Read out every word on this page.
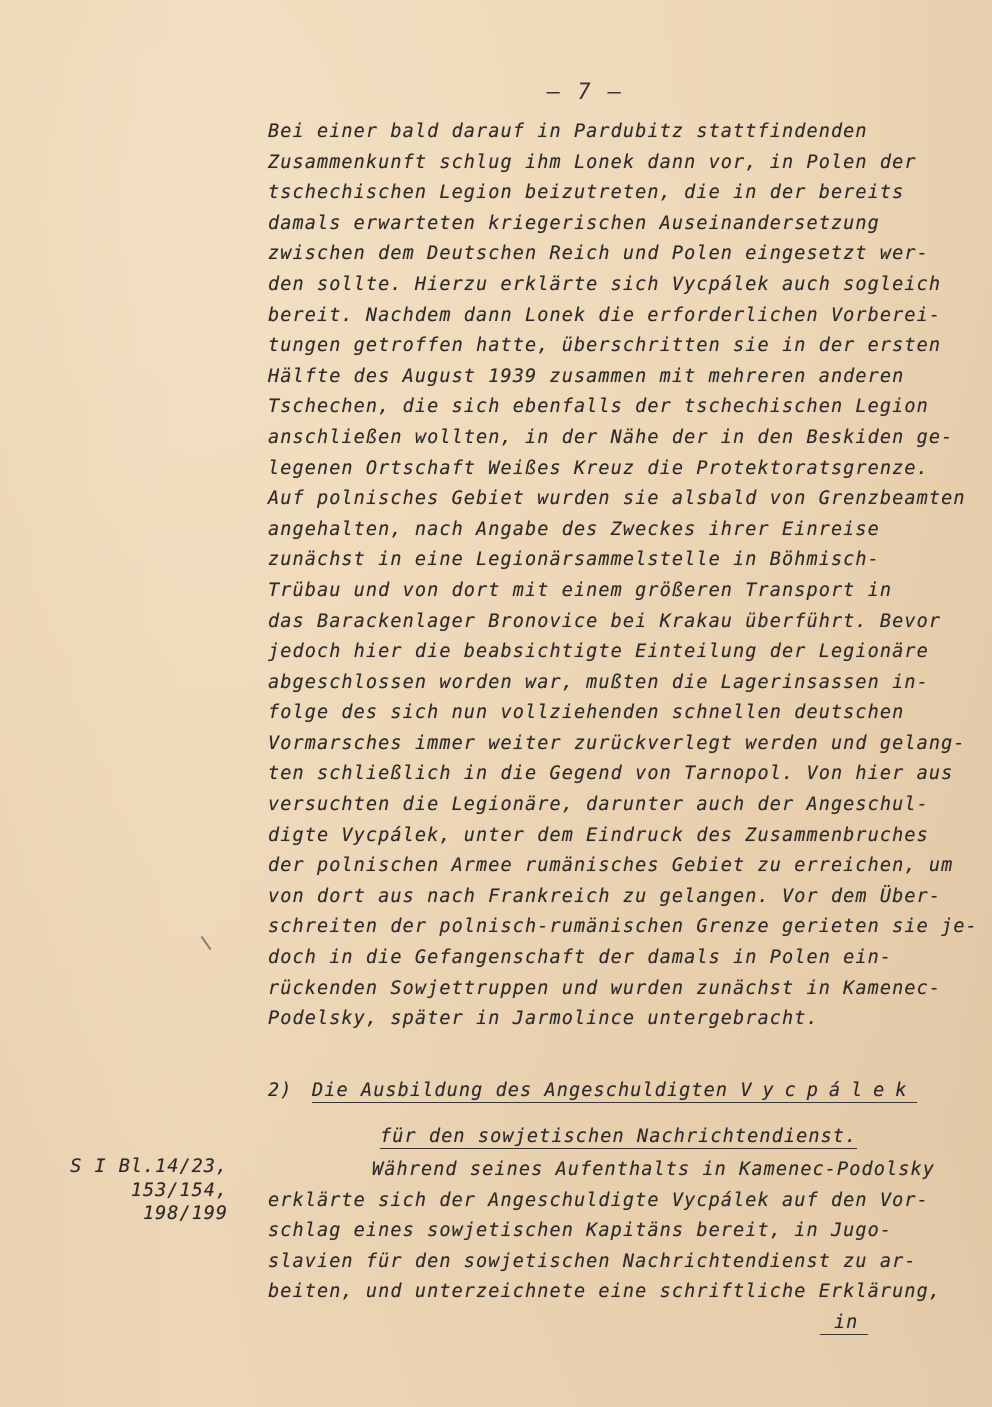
– 7 –
Bei einer bald darauf in Pardubitz stattfindenden
Zusammenkunft schlug ihm Lonek dann vor, in Polen der
tschechischen Legion beizutreten, die in der bereits
damals erwarteten kriegerischen Auseinandersetzung
zwischen dem Deutschen Reich und Polen eingesetzt wer-
den sollte. Hierzu erklärte sich Vycpálek auch sogleich
bereit. Nachdem dann Lonek die erforderlichen Vorberei-
tungen getroffen hatte, überschritten sie in der ersten
Hälfte des August 1939 zusammen mit mehreren anderen
Tschechen, die sich ebenfalls der tschechischen Legion
anschließen wollten, in der Nähe der in den Beskiden ge-
legenen Ortschaft Weißes Kreuz die Protektoratsgrenze.
Auf polnisches Gebiet wurden sie alsbald von Grenzbeamten
angehalten, nach Angabe des Zweckes ihrer Einreise
zunächst in eine Legionärsammelstelle in Böhmisch-
Trübau und von dort mit einem größeren Transport in
das Barackenlager Bronovice bei Krakau überführt. Bevor
jedoch hier die beabsichtigte Einteilung der Legionäre
abgeschlossen worden war, mußten die Lagerinsassen in-
folge des sich nun vollziehenden schnellen deutschen
Vormarsches immer weiter zurückverlegt werden und gelang-
ten schließlich in die Gegend von Tarnopol. Von hier aus
versuchten die Legionäre, darunter auch der Angeschul-
digte Vycpálek, unter dem Eindruck des Zusammenbruches
der polnischen Armee rumänisches Gebiet zu erreichen, um
von dort aus nach Frankreich zu gelangen. Vor dem Über-
schreiten der polnisch-rumänischen Grenze gerieten sie je-
doch in die Gefangenschaft der damals in Polen ein-
rückenden Sowjettruppen und wurden zunächst in Kamenec-
Podelsky, später in Jarmolince untergebracht.
2) Die Ausbildung des Angeschuldigten Vycpálek
für den sowjetischen Nachrichtendienst.
S I Bl.14/23,
153/154,
198/199
Während seines Aufenthalts in Kamenec-Podolsky
erklärte sich der Angeschuldigte Vycpálek auf den Vor-
schlag eines sowjetischen Kapitäns bereit, in Jugo-
slavien für den sowjetischen Nachrichtendienst zu ar-
beiten, und unterzeichnete eine schriftliche Erklärung,
in
